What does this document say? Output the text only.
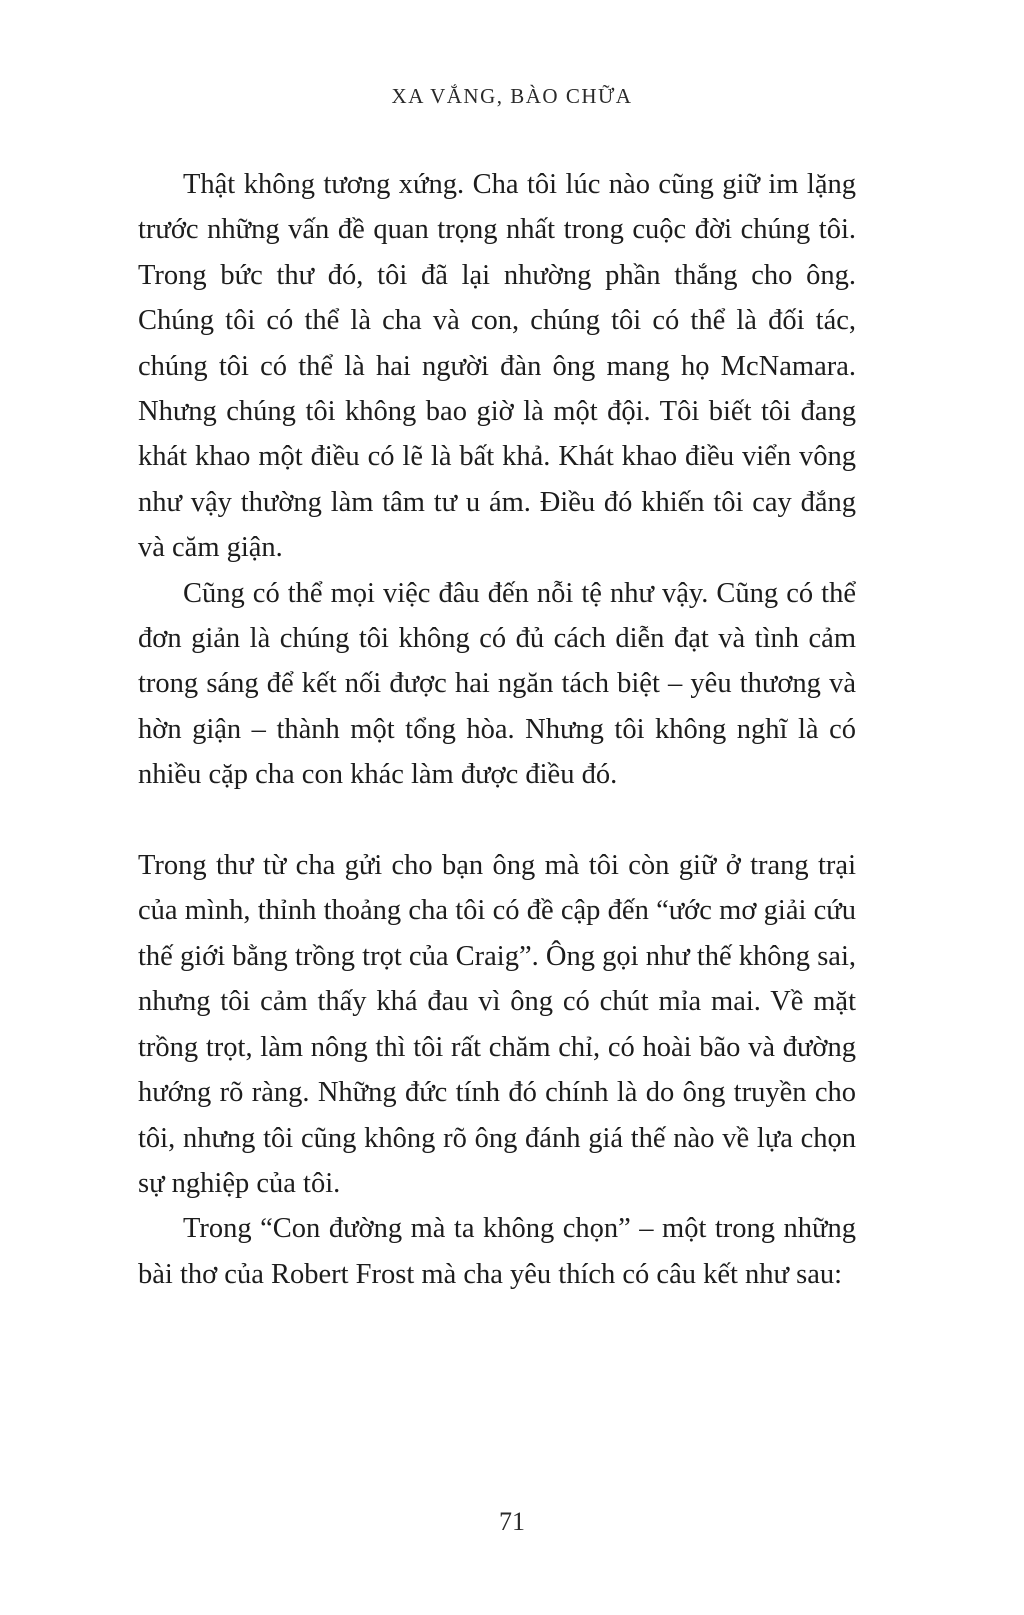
XA VẮNG, BÀO CHỮA

Thật không tương xứng. Cha tôi lúc nào cũng giữ im lặng trước những vấn đề quan trọng nhất trong cuộc đời chúng tôi. Trong bức thư đó, tôi đã lại nhường phần thắng cho ông. Chúng tôi có thể là cha và con, chúng tôi có thể là đối tác, chúng tôi có thể là hai người đàn ông mang họ McNamara. Nhưng chúng tôi không bao giờ là một đội. Tôi biết tôi đang khát khao một điều có lẽ là bất khả. Khát khao điều viển vông như vậy thường làm tâm tư u ám. Điều đó khiến tôi cay đắng và căm giận.

Cũng có thể mọi việc đâu đến nỗi tệ như vậy. Cũng có thể đơn giản là chúng tôi không có đủ cách diễn đạt và tình cảm trong sáng để kết nối được hai ngăn tách biệt – yêu thương và hờn giận – thành một tổng hòa. Nhưng tôi không nghĩ là có nhiều cặp cha con khác làm được điều đó.

Trong thư từ cha gửi cho bạn ông mà tôi còn giữ ở trang trại của mình, thỉnh thoảng cha tôi có đề cập đến “ước mơ giải cứu thế giới bằng trồng trọt của Craig”. Ông gọi như thế không sai, nhưng tôi cảm thấy khá đau vì ông có chút mỉa mai. Về mặt trồng trọt, làm nông thì tôi rất chăm chỉ, có hoài bão và đường hướng rõ ràng. Những đức tính đó chính là do ông truyền cho tôi, nhưng tôi cũng không rõ ông đánh giá thế nào về lựa chọn sự nghiệp của tôi.

Trong “Con đường mà ta không chọn” – một trong những bài thơ của Robert Frost mà cha yêu thích có câu kết như sau:

71
